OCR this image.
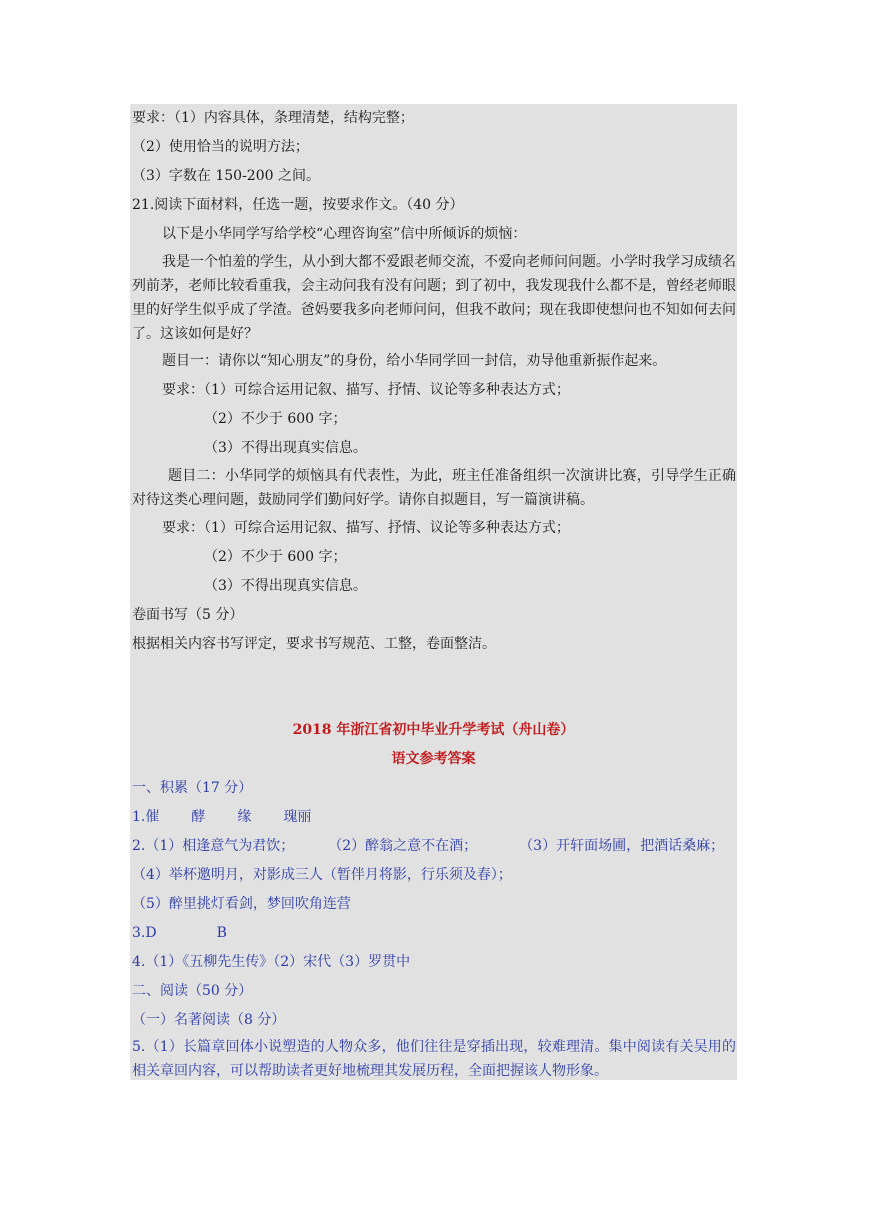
要求：（1）内容具体，条理清楚，结构完整；
（2）使用恰当的说明方法；
（3）字数在 150-200 之间。
21.阅读下面材料，任选一题，按要求作文。（40 分）
以下是小华同学写给学校“心理咨询室”信中所倾诉的烦恼：
我是一个怕羞的学生，从小到大都不爱跟老师交流，不爱向老师问问题。小学时我学习成绩名列前茅，老师比较看重我，会主动问我有没有问题；到了初中，我发现我什么都不是，曾经老师眼里的好学生似乎成了学渣。爸妈要我多向老师问问，但我不敢问；现在我即使想问也不知如何去问了。这该如何是好？
题目一：请你以“知心朋友”的身份，给小华同学回一封信，劝导他重新振作起来。
要求：（1）可综合运用记叙、描写、抒情、议论等多种表达方式；
（2）不少于 600 字；
（3）不得出现真实信息。
题目二：小华同学的烦恼具有代表性，为此，班主任准备组织一次演讲比赛，引导学生正确对待这类心理问题，鼓励同学们勤问好学。请你自拟题目，写一篇演讲稿。
要求：（1）可综合运用记叙、描写、抒情、议论等多种表达方式；
（2）不少于 600 字；
（3）不得出现真实信息。
卷面书写（5 分）
根据相关内容书写评定，要求书写规范、工整，卷面整洁。
2018 年浙江省初中毕业升学考试（舟山卷）
语文参考答案
一、积累（17 分）
1.催 酵 缘 瑰丽
2.（1）相逢意气为君饮； （2）醉翁之意不在酒；	（3）开轩面场圃，把酒话桑麻；
（4）举杯邀明月，对影成三人（暂伴月将影，行乐须及春）；
（5）醉里挑灯看剑，梦回吹角连营
3.D	B
4.（1）《五柳先生传》（2）宋代（3）罗贯中
二、阅读（50 分）
（一）名著阅读（8 分）
5.（1）长篇章回体小说塑造的人物众多，他们往往是穿插出现，较难理清。集中阅读有关吴用的相关章回内容，可以帮助读者更好地梳理其发展历程，全面把握该人物形象。
